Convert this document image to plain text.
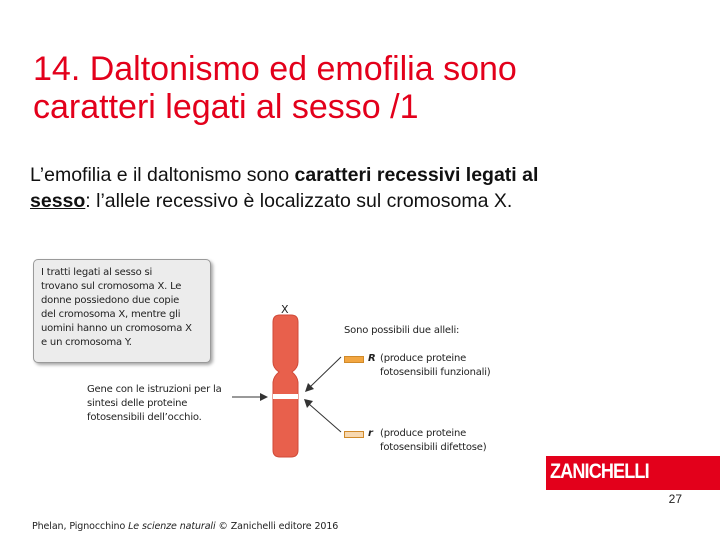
14. Daltonismo ed emofilia sono
caratteri legati al sesso /1
L’emofilia e il daltonismo sono caratteri recessivi legati al
sesso: l’allele recessivo è localizzato sul cromosoma X.
I tratti legati al sesso si
trovano sul cromosoma X. Le
donne possiedono due copie
del cromosoma X, mentre gli
uomini hanno un cromosoma X
e un cromosoma Y.
Gene con le istruzioni per la
sintesi delle proteine
fotosensibili dell’occhio.
X
Sono possibili due alleli:
R (produce proteine
fotosensibili funzionali)
r (produce proteine
fotosensibili difettose)
ZANICHELLI
27
Phelan, Pignocchino Le scienze naturali © Zanichelli editore 2016
